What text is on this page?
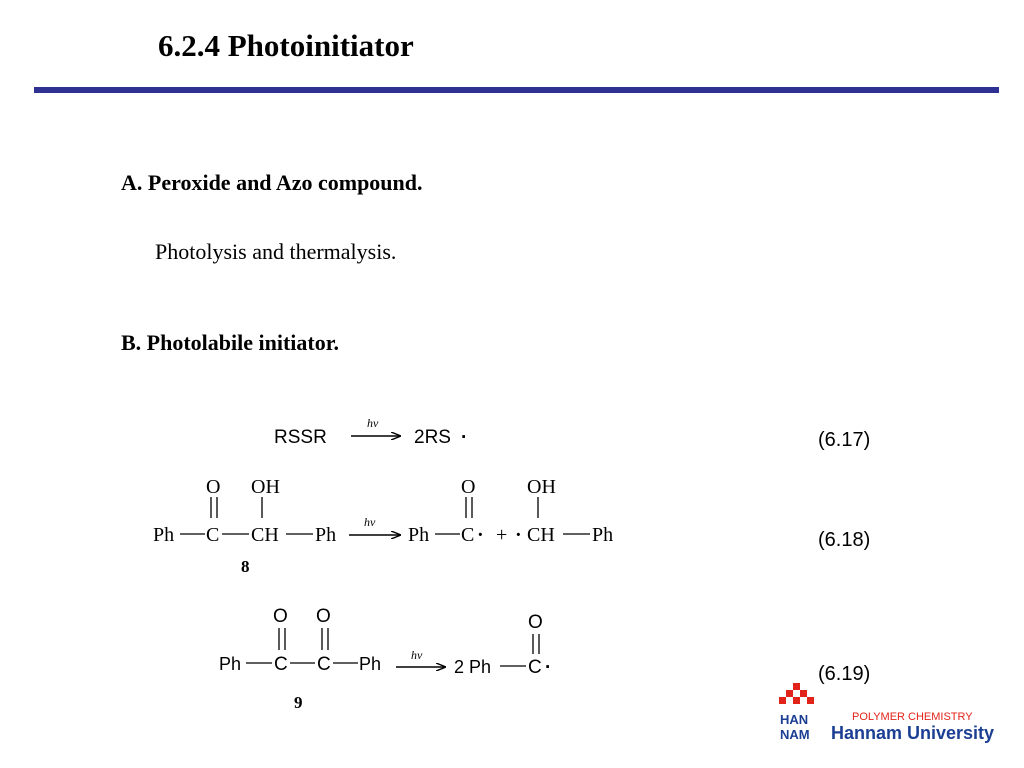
6.2.4 Photoinitiator
A. Peroxide and Azo compound.
Photolysis and thermalysis.
B. Photolabile initiator.
RSSR
hν
2RS ·	(6.17)
O OH
Ph C CH Ph
8
hν
O
Ph C · + ·
OH
CH Ph	(6.18)
O O
Ph C C Ph
9
hν
O
2 Ph C ·	(6.19)
HAN
NAM
POLYMER CHEMISTRY
Hannam University
